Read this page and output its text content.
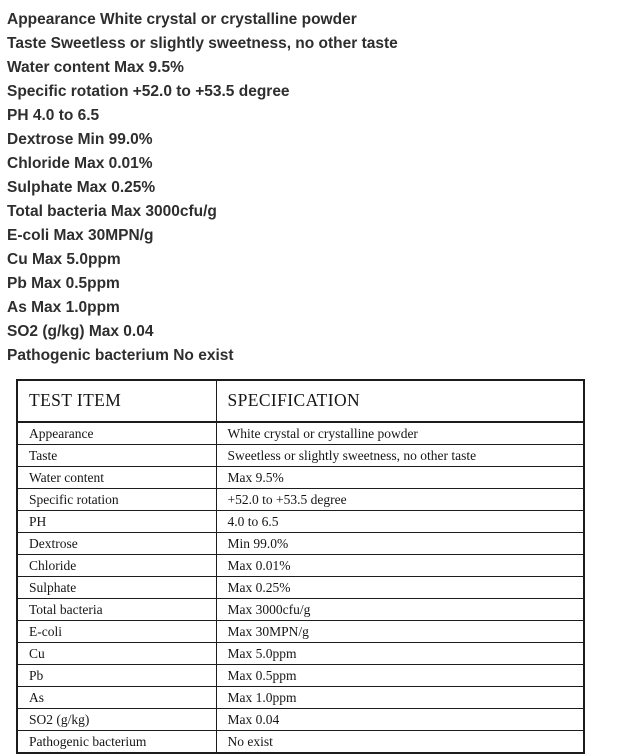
Appearance White crystal or crystalline powder
Taste Sweetless or slightly sweetness, no other taste
Water content Max 9.5%
Specific rotation +52.0 to +53.5 degree
PH 4.0 to 6.5
Dextrose Min 99.0%
Chloride Max 0.01%
Sulphate Max 0.25%
Total bacteria Max 3000cfu/g
E-coli Max 30MPN/g
Cu Max 5.0ppm
Pb Max 0.5ppm
As Max 1.0ppm
SO2 (g/kg) Max 0.04
Pathogenic bacterium No exist
TEST ITEM	SPECIFICATION
Appearance	White crystal or crystalline powder
Taste	Sweetless or slightly sweetness, no other taste
Water content	Max 9.5%
Specific rotation	+52.0 to +53.5 degree
PH	4.0 to 6.5
Dextrose	Min 99.0%
Chloride	Max 0.01%
Sulphate	Max 0.25%
Total bacteria	Max 3000cfu/g
E-coli	Max 30MPN/g
Cu	Max 5.0ppm
Pb	Max 0.5ppm
As	Max 1.0ppm
SO2 (g/kg)	Max 0.04
Pathogenic bacterium	No exist
